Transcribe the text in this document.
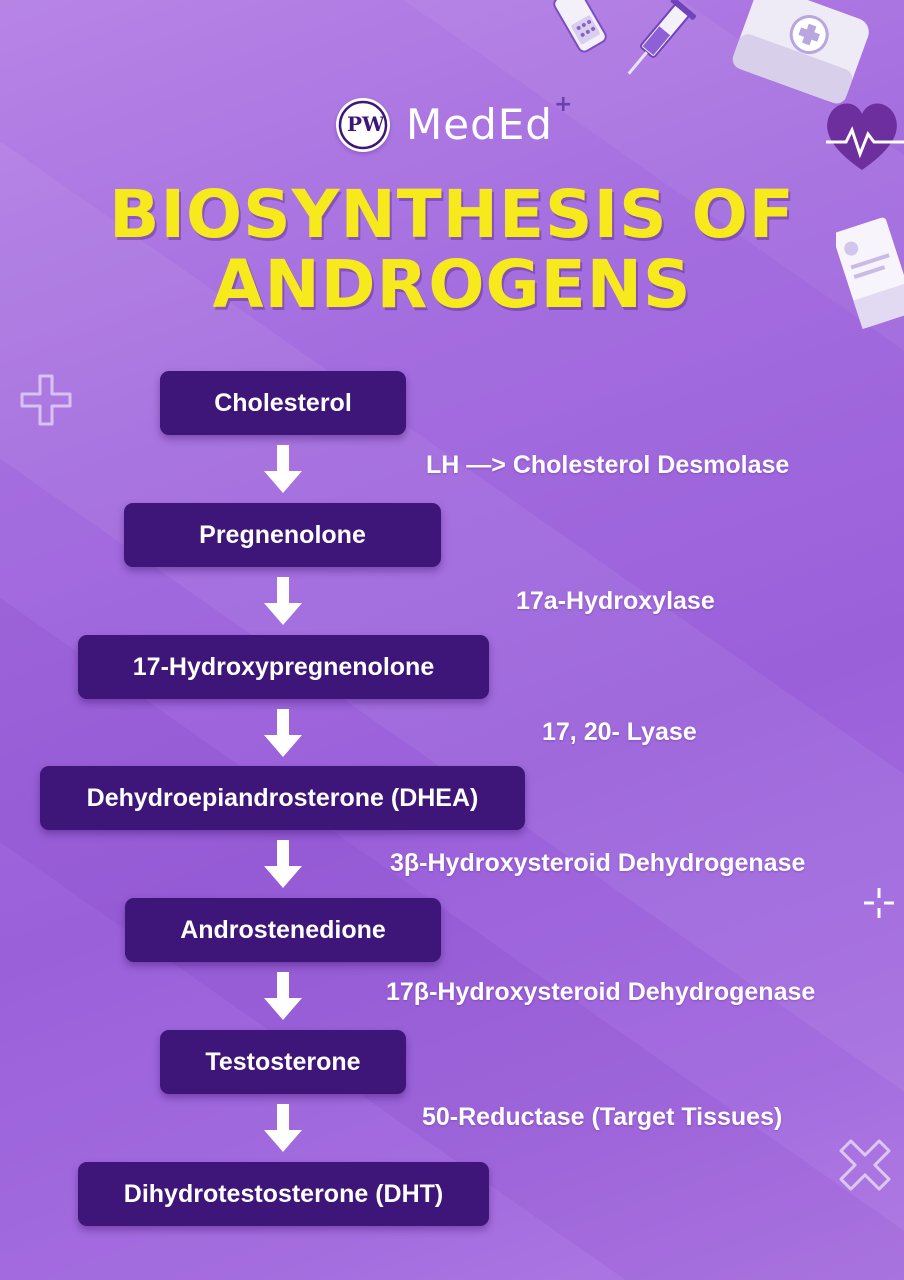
PW MedEd +
BIOSYNTHESIS OF
ANDROGENS
Cholesterol
Pregnenolone
17-Hydroxypregnenolone
Dehydroepiandrosterone (DHEA)
Androstenedione
Testosterone
Dihydrotestosterone (DHT)
LH —> Cholesterol Desmolase
17a-Hydroxylase
17, 20- Lyase
3β-Hydroxysteroid Dehydrogenase
17β-Hydroxysteroid Dehydrogenase
50-Reductase (Target Tissues)
